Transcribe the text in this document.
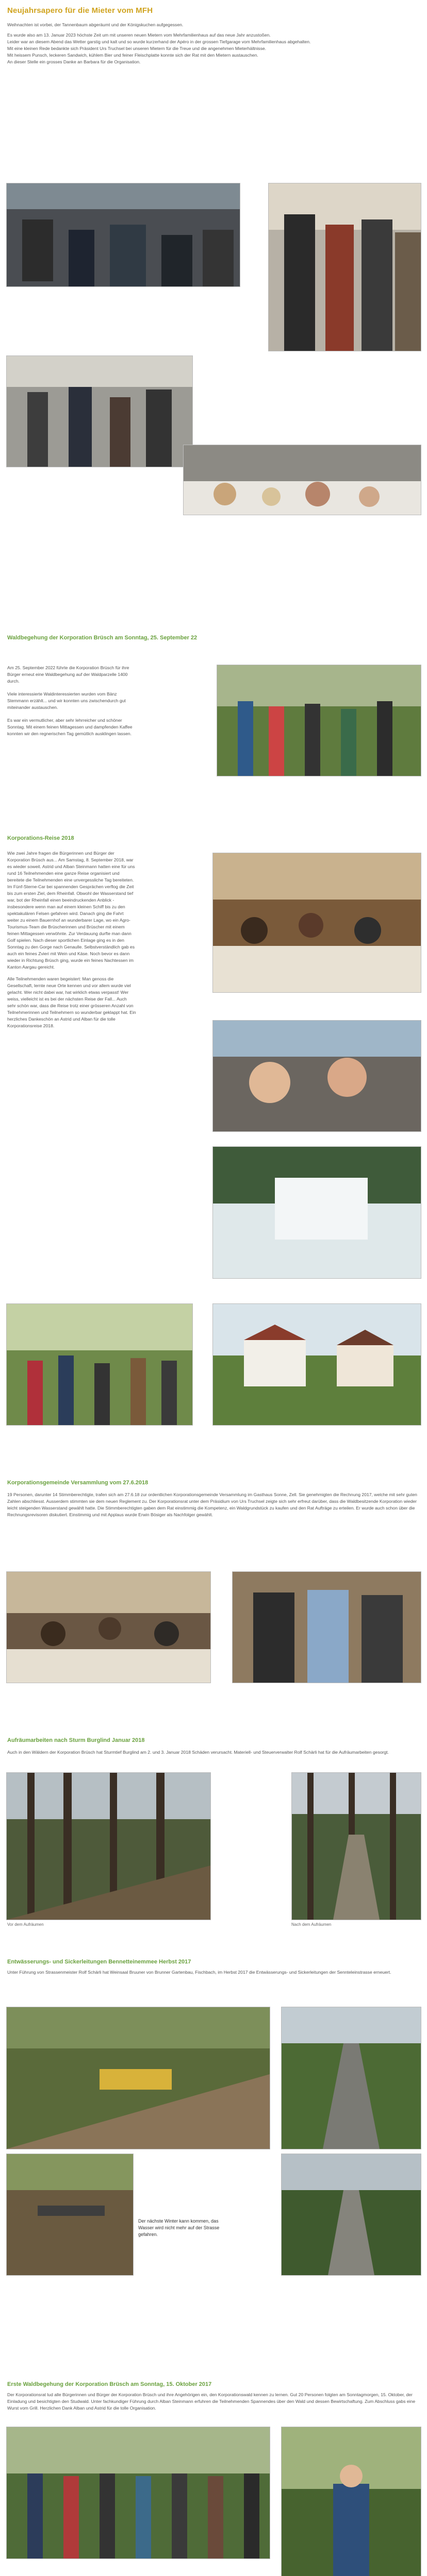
Neujahrsapero für die Mieter vom MFH

Weihnachten ist vorbei, der Tannenbaum abgeräumt und der Königskuchen aufgegessen.

Es wurde also am 13. Januar 2023 höchste Zeit um mit unseren neuen Mietern vom Mehrfamilienhaus auf das neue Jahr anzustoßen.

Leider war an diesem Abend das Wetter garstig und kalt und so wurde kurzerhand der Apéro in der grossen Tiefgarage vom Mehrfamilienhaus abgehalten.

Mit eine kleinen Rede bedankte sich Präsident Urs Truchsel bei unseren Mietern für die Treue und die angenehmen Mieterhältnisse.

Mit heissem Punsch, leckeren Sandwich, kühlem Bier und feiner Fleischplatte konnte sich der Rat mit den Mietern austauschen.

An dieser Stelle ein grosses Danke an Barbara für die Organisation.

Waldbegehung der Korporation Brüsch am Sonntag, 25. September 22

Am 25. September 2022 führte die Korporation Brüsch für ihre Bürger erneut eine Waldbegehung auf der Waldparzelle 1400 durch.

Viele interessierte Waldinteressierten wurden vom Bänz Stemmann erzählt... und wir konnten uns zwischendurch gut miteinander austauschen.

Es war ein vermutlicher, aber sehr lehrreicher und schöner Sonntag. Mit einem feinen Mittagessen und dampfenden Kaffee konnten wir den regnerischen Tag gemütlich ausklingen lassen.

Korporations-Reise 2018

Wie zwei Jahre fragen die Bürgerinnen und Bürger der Korporation Brüsch aus... Am Samstag, 8. September 2018, war es wieder soweit. Astrid und Alban Steinmann hatten eine für uns rund 16 Teilnehmenden eine ganze Reise organisiert und bereitete die Teilnehmenden eine unvergessliche Tag bereiteten. Im Fünf-Sterne-Car bei spannenden Gesprächen verflog die Zeit bis zum ersten Ziel, dem Rheinfall. Obwohl der Wasserstand tief war, bot der Rheinfall einen beeindruckenden Anblick - insbesondere wenn man auf einem kleinen Schiff bis zu den spektakulären Felsen gefahren wird. Danach ging die Fahrt weiter zu einem Bauernhof an wunderbarer Lage, wo ein Agro-Tourismus-Team die Brüscherinnen und Brüscher mit einem feinen Mittagessen verwöhnte. Zur Verdauung durfte man dann Golf spielen. Nach dieser sportlichen Einlage ging es in den Sonntag zu den Gorge nach Genaulle. Selbstverständlich gab es auch ein feines Zvieri mit Wein und Käse. Noch bevor es dann wieder in Richtung Brüsch ging, wurde ein feines Nachtessen im Kanton Aargau gereicht.

Alle Teilnehmenden waren begeistert: Man genoss die Gesellschaft, lernte neue Orte kennen und vor allem wurde viel gelacht. Wer nicht dabei war, hat wirklich etwas verpasst! Wer weiss, vielleicht ist es bei der nächsten Reise der Fall... Auch sehr schön war, dass die Reise trotz einer grösseren Anzahl von Teilnehmerinnen und Teilnehmern so wunderbar geklappt hat. Ein herzliches Dankeschön an Astrid und Alban für die tolle Korporationsreise 2018.

Korporationsgemeinde Versammlung vom 27.6.2018
19 Personen, darunter 14 Stimmberechtigte, trafen sich am 27.6.18 zur ordentlichen Korporationsgemeinde Versammlung im Gasthaus Sonne, Zell. Sie genehmigten die Rechnung 2017, welche mit sehr guten Zahlen abschliesst. Ausserdem stimmten sie dem neuen Reglement zu. Der Korporationsrat unter dem Präsidium von Urs Truchsel zeigte sich sehr erfreut darüber, dass die Waldbesitzende Korporation wieder leicht steigenden Wasserstand gewählt hatte. Die Stimmberechtigten gaben dem Rat einstimmig die Kompetenz, ein Waldgrundstück zu kaufen und den Rat Aufträge zu erteilen. Er wurde auch schon über die Rechnungsrevisoren diskutiert. Einstimmig und mit Applaus wurde Erwin Bösiger als Nachfolger gewählt.
Aufräumarbeiten nach Sturm Burglind Januar 2018
Auch in den Wäldern der Korporation Brüsch hat Sturmtief Burglind am 2. und 3. Januar 2018 Schäden verursacht. Materiell- und Steuerverwalter Rolf Schärli hat für die Aufräumarbeiten gesorgt.
Vor dem Aufräumen	Nach dem Aufräumen
Entwässerungs- und Sickerleitungen Bennetteinemmee Herbst 2017
Unter Führung von Strassenmeister Rolf Schärli hat Weinsaal Bruuner von Brunner Gartenbau, Fischbach, im Herbst 2017 die Entwässerungs- und Sickerleitungen der Sennteleinstrasse erneuert.
Der nächste Winter kann kommen, das Wasser wird nicht mehr auf der Strasse gefahren.
Erste Waldbegehung der Korporation Brüsch am Sonntag, 15. Oktober 2017
Der Korporationsrat lud alle Bürgerinnen und Bürger der Korporation Brüsch und ihre Angehörigen ein, den Korporationswald kennen zu lernen. Gut 20 Personen folgten am Sonntagmorgen, 15. Oktober, der Einladung und besichtigten den Studwald. Unter fachkundiger Führung durch Alban Steinmann erfuhren die Teilnehmenden Spannendes über den Wald und dessen Bewirtschaftung. Zum Abschluss gabs eine Wurst vom Grill. Herzlichen Dank Alban und Astrid für die tolle Organisation.
